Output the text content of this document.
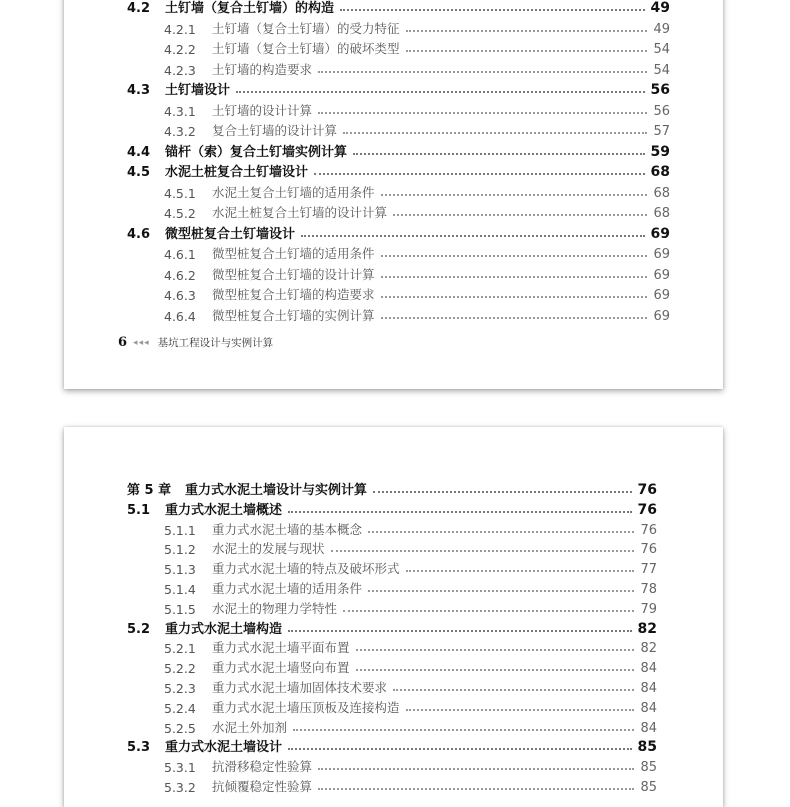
4.2	土钉墙（复合土钉墙）的构造	49
4.2.1	土钉墙（复合土钉墙）的受力特征	49
4.2.2	土钉墙（复合土钉墙）的破坏类型	54
4.2.3	土钉墙的构造要求	54
4.3	土钉墙设计	56
4.3.1	土钉墙的设计计算	56
4.3.2	复合土钉墙的设计计算	57
4.4	锚杆（索）复合土钉墙实例计算	59
4.5	水泥土桩复合土钉墙设计	68
4.5.1	水泥土复合土钉墙的适用条件	68
4.5.2	水泥土桩复合土钉墙的设计计算	68
4.6	微型桩复合土钉墙设计	69
4.6.1	微型桩复合土钉墙的适用条件	69
4.6.2	微型桩复合土钉墙的设计计算	69
4.6.3	微型桩复合土钉墙的构造要求	69
4.6.4	微型桩复合土钉墙的实例计算	69
6 ◂◂◂ 基坑工程设计与实例计算
第 5 章	重力式水泥土墙设计与实例计算	76
5.1	重力式水泥土墙概述	76
5.1.1	重力式水泥土墙的基本概念	76
5.1.2	水泥土的发展与现状	76
5.1.3	重力式水泥土墙的特点及破坏形式	77
5.1.4	重力式水泥土墙的适用条件	78
5.1.5	水泥土的物理力学特性	79
5.2	重力式水泥土墙构造	82
5.2.1	重力式水泥土墙平面布置	82
5.2.2	重力式水泥土墙竖向布置	84
5.2.3	重力式水泥土墙加固体技术要求	84
5.2.4	重力式水泥土墙压顶板及连接构造	84
5.2.5	水泥土外加剂	84
5.3	重力式水泥土墙设计	85
5.3.1	抗滑移稳定性验算	85
5.3.2	抗倾覆稳定性验算	85
